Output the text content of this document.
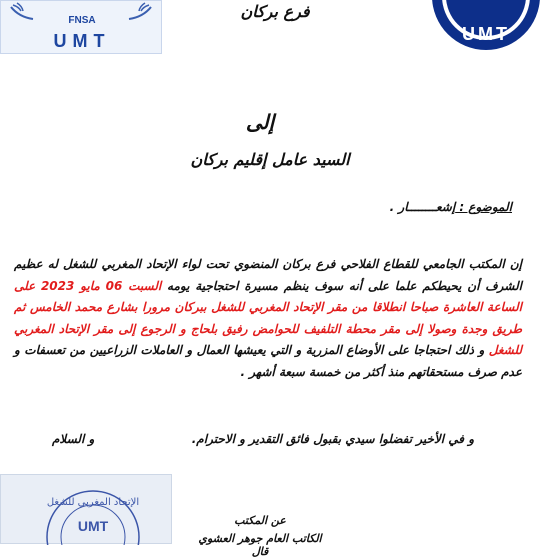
FNSA
UMT	UMT
فرع بركان
إلى
السيد عامل إقليم بركان
الموضوع : إشعــــــــار .
إن المكتب الجامعي للقطاع الفلاحي فرع بركان المنضوي تحت لواء الإتحاد المغربي للشغل له عظيم الشرف أن يحيطكم علما على أنه سوف ينظم مسيرة احتجاجية يومه السبت 06 مايو 2023 على الساعة العاشرة صباحا انطلاقا من مقر الإتحاد المغربي للشغل ببركان مرورا بشارع محمد الخامس ثم طريق وجدة وصولا إلى مقر محطة التلفيف للحوامض رفيق بلحاج و الرجوع إلى مقر الإتحاد المغربي للشغل و ذلك احتجاجا على الأوضاع المزرية و التي يعيشها العمال و العاملات الزراعيين من تعسفات و عدم صرف مستحقاتهم منذ أكثر من خمسة سبعة أشهر .
و في الأخير تفضلوا سيدي بقبول فائق التقدير و الاحترام.
و السلام
الإتحاد المغربي للشغل
UMT	عن المكتب
الكاتب العام جوهر العشوي قال
